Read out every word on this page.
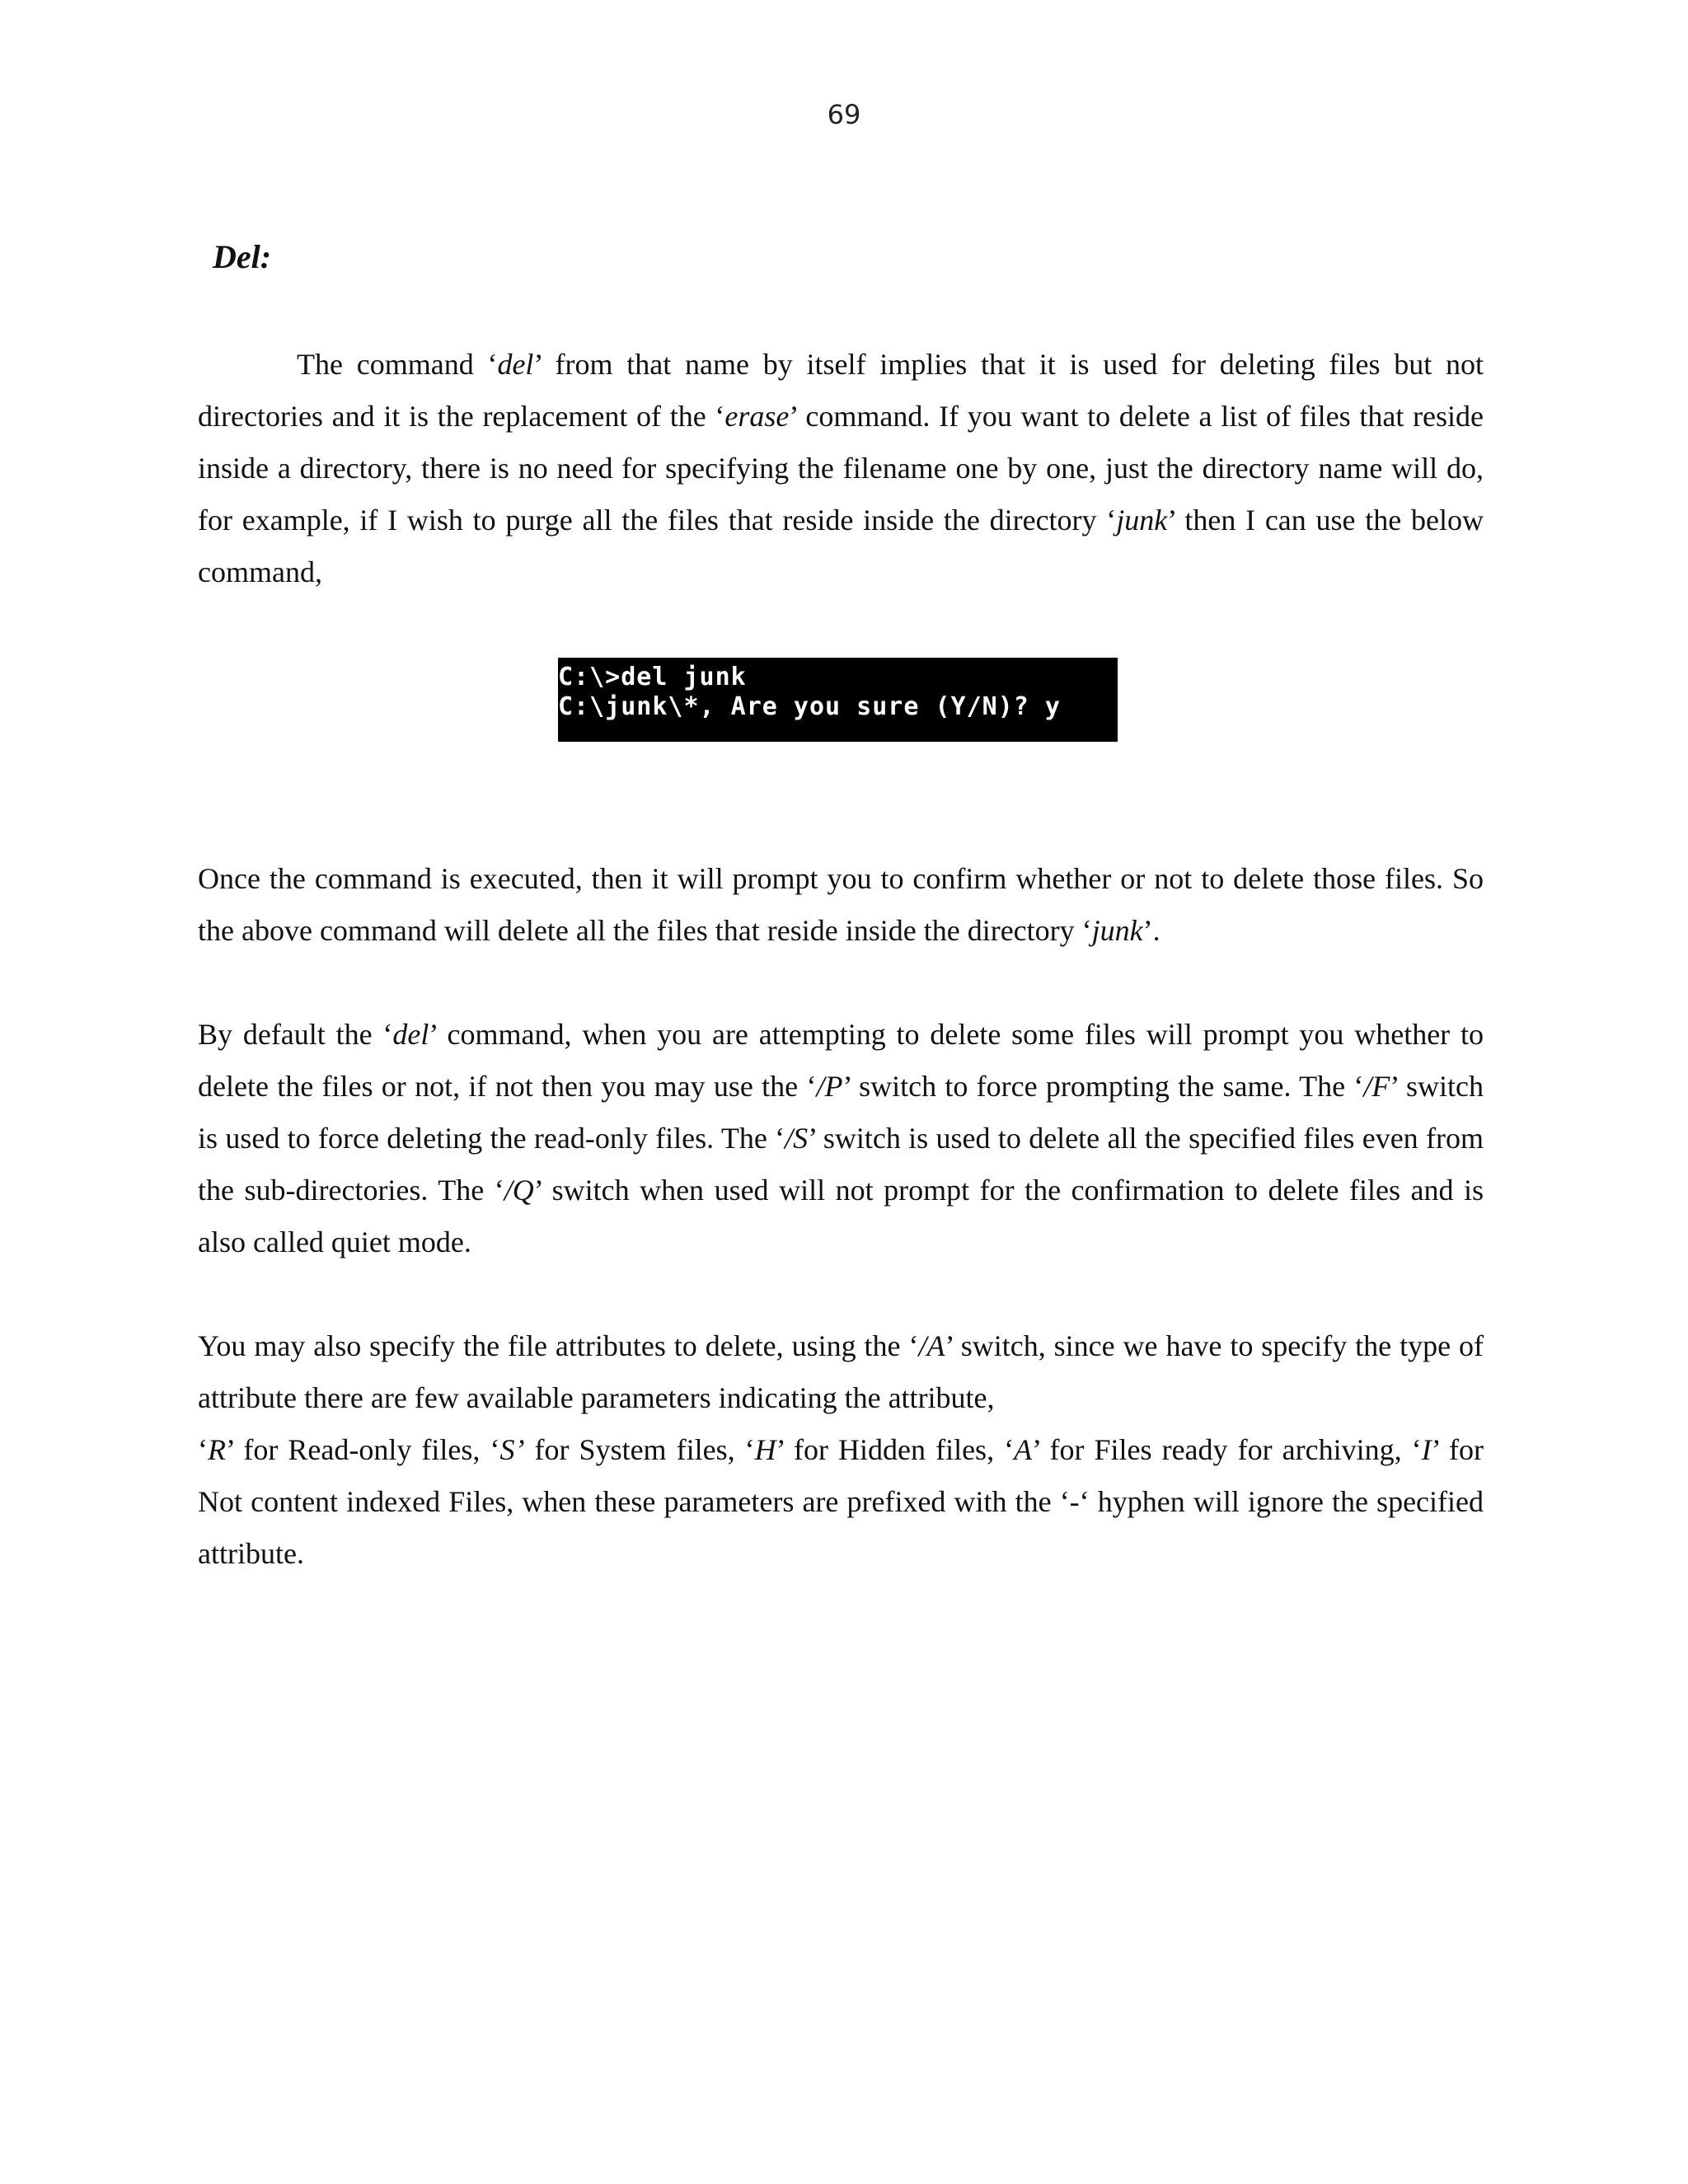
69
Del:

The command ‘del’ from that name by itself implies that it is used for deleting files but not directories and it is the replacement of the ‘erase’ command. If you want to delete a list of files that reside inside a directory, there is no need for specifying the filename one by one, just the directory name will do, for example, if I wish to purge all the files that reside inside the directory ‘junk’ then I can use the below command,

C:\>del junk
C:\junk\*, Are you sure (Y/N)? y

Once the command is executed, then it will prompt you to confirm whether or not to delete those files. So the above command will delete all the files that reside inside the directory ‘junk’.

By default the ‘del’ command, when you are attempting to delete some files will prompt you whether to delete the files or not, if not then you may use the ‘/P’ switch to force prompting the same. The ‘/F’ switch is used to force deleting the read-only files. The ‘/S’ switch is used to delete all the specified files even from the sub-directories. The ‘/Q’ switch when used will not prompt for the confirmation to delete files and is also called quiet mode.

You may also specify the file attributes to delete, using the ‘/A’ switch, since we have to specify the type of attribute there are few available parameters indicating the attribute,
‘R’ for Read-only files, ‘S’ for System files, ‘H’ for Hidden files, ‘A’ for Files ready for archiving, ‘I’ for Not content indexed Files, when these parameters are prefixed with the ‘-‘ hyphen will ignore the specified attribute.
